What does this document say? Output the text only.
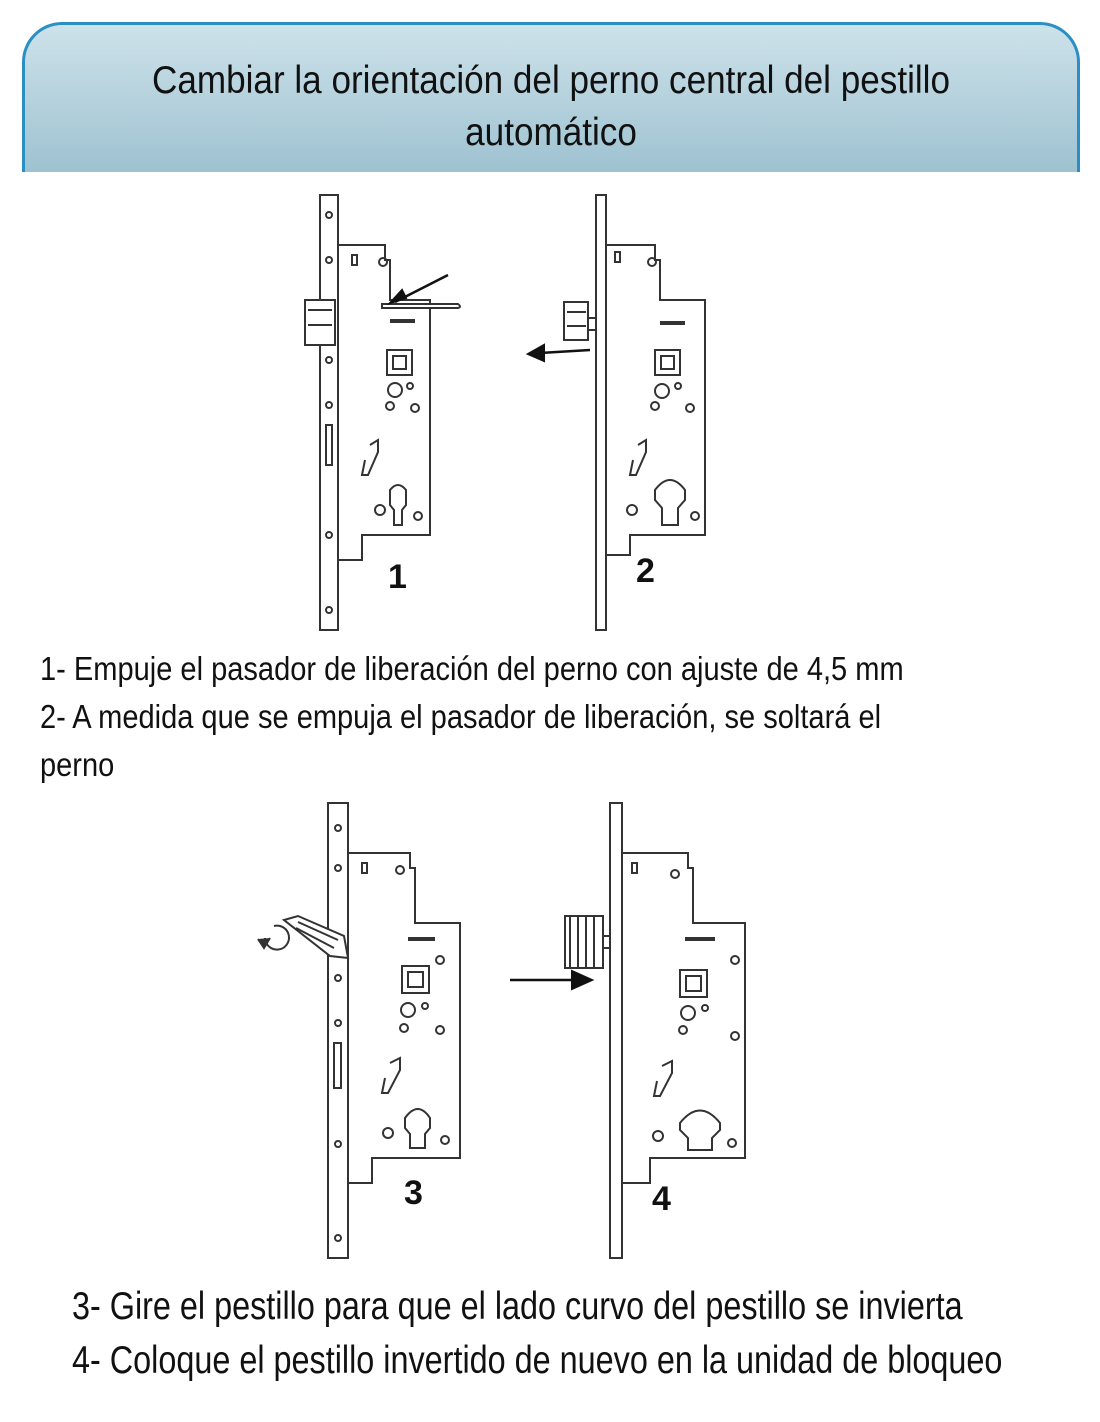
Cambiar la orientación del perno central del pestillo
automático
1	2
1- Empuje el pasador de liberación del perno con ajuste de 4,5 mm
2- A medida que se empuja el pasador de liberación, se soltará el
perno
3	4
3- Gire el pestillo para que el lado curvo del pestillo se invierta
4- Coloque el pestillo invertido de nuevo en la unidad de bloqueo
